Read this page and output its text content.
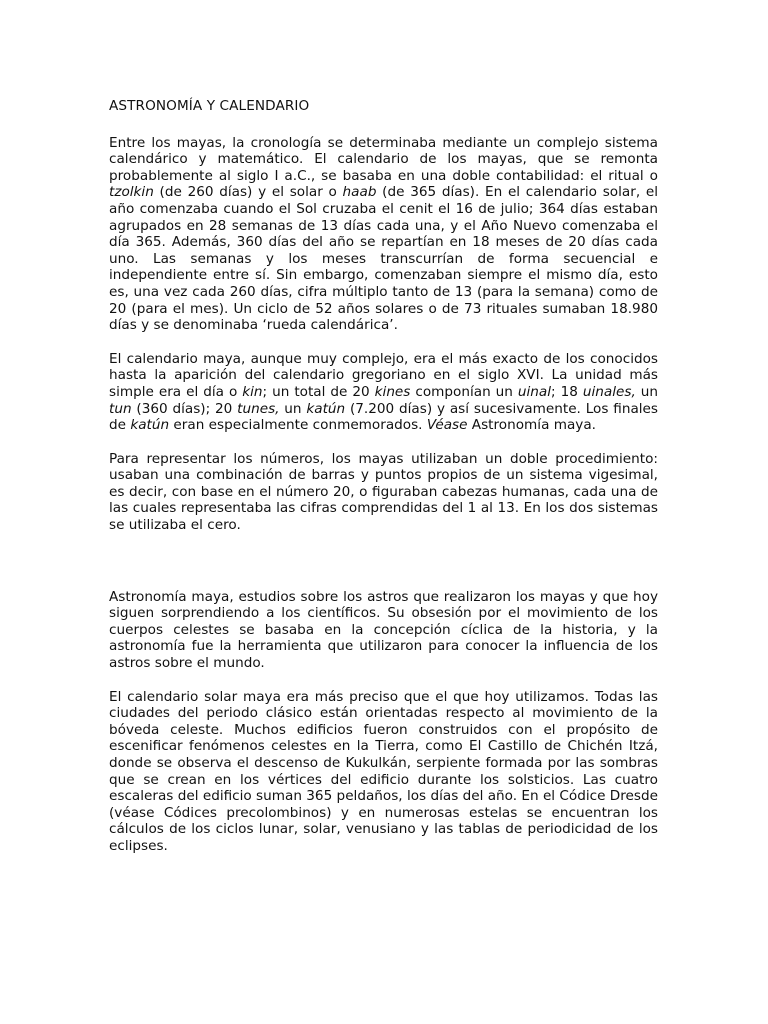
ASTRONOMÍA Y CALENDARIO

Entre los mayas, la cronología se determinaba mediante un complejo sistema calendárico y matemático. El calendario de los mayas, que se remonta probablemente al siglo I a.C., se basaba en una doble contabilidad: el ritual o tzolkin (de 260 días) y el solar o haab (de 365 días). En el calendario solar, el año comenzaba cuando el Sol cruzaba el cenit el 16 de julio; 364 días estaban agrupados en 28 semanas de 13 días cada una, y el Año Nuevo comenzaba el día 365. Además, 360 días del año se repartían en 18 meses de 20 días cada uno. Las semanas y los meses transcurrían de forma secuencial e independiente entre sí. Sin embargo, comenzaban siempre el mismo día, esto es, una vez cada 260 días, cifra múltiplo tanto de 13 (para la semana) como de 20 (para el mes). Un ciclo de 52 años solares o de 73 rituales sumaban 18.980 días y se denominaba ‘rueda calendárica’.

El calendario maya, aunque muy complejo, era el más exacto de los conocidos hasta la aparición del calendario gregoriano en el siglo XVI. La unidad más simple era el día o kin; un total de 20 kines componían un uinal; 18 uinales, un tun (360 días); 20 tunes, un katún (7.200 días) y así sucesivamente. Los finales de katún eran especialmente conmemorados. Véase Astronomía maya.

Para representar los números, los mayas utilizaban un doble procedimiento: usaban una combinación de barras y puntos propios de un sistema vigesimal, es decir, con base en el número 20, o figuraban cabezas humanas, cada una de las cuales representaba las cifras comprendidas del 1 al 13. En los dos sistemas se utilizaba el cero.

Astronomía maya, estudios sobre los astros que realizaron los mayas y que hoy siguen sorprendiendo a los científicos. Su obsesión por el movimiento de los cuerpos celestes se basaba en la concepción cíclica de la historia, y la astronomía fue la herramienta que utilizaron para conocer la influencia de los astros sobre el mundo.

El calendario solar maya era más preciso que el que hoy utilizamos. Todas las ciudades del periodo clásico están orientadas respecto al movimiento de la bóveda celeste. Muchos edificios fueron construidos con el propósito de escenificar fenómenos celestes en la Tierra, como El Castillo de Chichén Itzá, donde se observa el descenso de Kukulkán, serpiente formada por las sombras que se crean en los vértices del edificio durante los solsticios. Las cuatro escaleras del edificio suman 365 peldaños, los días del año. En el Códice Dresde (véase Códices precolombinos) y en numerosas estelas se encuentran los cálculos de los ciclos lunar, solar, venusiano y las tablas de periodicidad de los eclipses.
